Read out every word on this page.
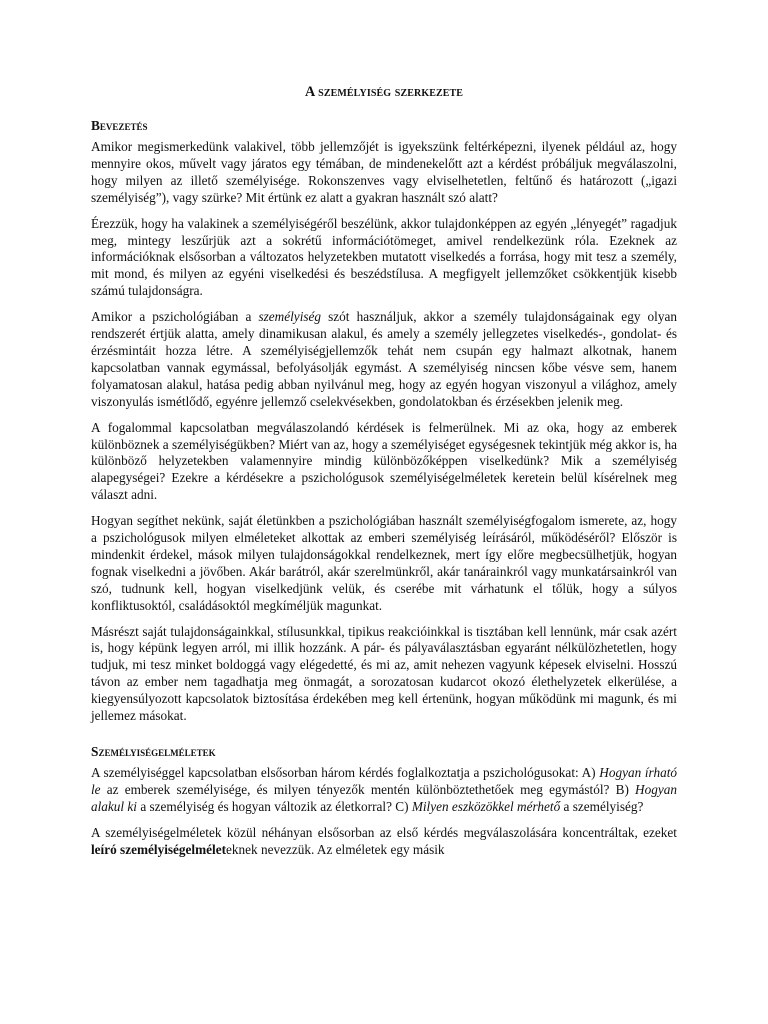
A személyiség szerkezete
Bevezetés

Amikor megismerkedünk valakivel, több jellemzőjét is igyekszünk feltérképezni, ilyenek például az, hogy mennyire okos, művelt vagy járatos egy témában, de mindenekelőtt azt a kérdést próbáljuk megválaszolni, hogy milyen az illető személyisége. Rokonszenves vagy elviselhetetlen, feltűnő és határozott („igazi személyiség”), vagy szürke? Mit értünk ez alatt a gyakran használt szó alatt?

Érezzük, hogy ha valakinek a személyiségéről beszélünk, akkor tulajdonképpen az egyén „lényegét” ragadjuk meg, mintegy leszűrjük azt a sokrétű információtömeget, amivel rendelkezünk róla. Ezeknek az információknak elsősorban a változatos helyzetekben mutatott viselkedés a forrása, hogy mit tesz a személy, mit mond, és milyen az egyéni viselkedési és beszédstílusa. A megfigyelt jellemzőket csökkentjük kisebb számú tulajdonságra.

Amikor a pszichológiában a személyiség szót használjuk, akkor a személy tulajdonságainak egy olyan rendszerét értjük alatta, amely dinamikusan alakul, és amely a személy jellegzetes viselkedés-, gondolat- és érzésmintáit hozza létre. A személyiségjellemzők tehát nem csupán egy halmazt alkotnak, hanem kapcsolatban vannak egymással, befolyásolják egymást. A személyiség nincsen kőbe vésve sem, hanem folyamatosan alakul, hatása pedig abban nyilvánul meg, hogy az egyén hogyan viszonyul a világhoz, amely viszonyulás ismétlődő, egyénre jellemző cselekvésekben, gondolatokban és érzésekben jelenik meg.

A fogalommal kapcsolatban megválaszolandó kérdések is felmerülnek. Mi az oka, hogy az emberek különböznek a személyiségükben? Miért van az, hogy a személyiséget egységesnek tekintjük még akkor is, ha különböző helyzetekben valamennyire mindig különbözőképpen viselkedünk? Mik a személyiség alapegységei? Ezekre a kérdésekre a pszichológusok személyiségelméletek keretein belül kísérelnek meg választ adni.

Hogyan segíthet nekünk, saját életünkben a pszichológiában használt személyiségfogalom ismerete, az, hogy a pszichológusok milyen elméleteket alkottak az emberi személyiség leírásáról, működéséről? Először is mindenkit érdekel, mások milyen tulajdonságokkal rendelkeznek, mert így előre megbecsülhetjük, hogyan fognak viselkedni a jövőben. Akár barátról, akár szerelmünkről, akár tanárainkról vagy munkatársainkról van szó, tudnunk kell, hogyan viselkedjünk velük, és cserébe mit várhatunk el tőlük, hogy a súlyos konfliktusoktól, családásoktól megkíméljük magunkat.

Másrészt saját tulajdonságainkkal, stílusunkkal, tipikus reakcióinkkal is tisztában kell lennünk, már csak azért is, hogy képünk legyen arról, mi illik hozzánk. A pár- és pályaválasztásban egyaránt nélkülözhetetlen, hogy tudjuk, mi tesz minket boldoggá vagy elégedetté, és mi az, amit nehezen vagyunk képesek elviselni. Hosszú távon az ember nem tagadhatja meg önmagát, a sorozatosan kudarcot okozó élethelyzetek elkerülése, a kiegyensúlyozott kapcsolatok biztosítása érdekében meg kell értenünk, hogyan működünk mi magunk, és mi jellemez másokat.

Személyiségelméletek

A személyiséggel kapcsolatban elsősorban három kérdés foglalkoztatja a pszichológusokat: A) Hogyan írható le az emberek személyisége, és milyen tényezők mentén különböztethetőek meg egymástól? B) Hogyan alakul ki a személyiség és hogyan változik az életkorral? C) Milyen eszközökkel mérhető a személyiség?

A személyiségelméletek közül néhányan elsősorban az első kérdés megválaszolására koncentráltak, ezeket leíró személyiségelméleteknek nevezzük. Az elméletek egy másik
